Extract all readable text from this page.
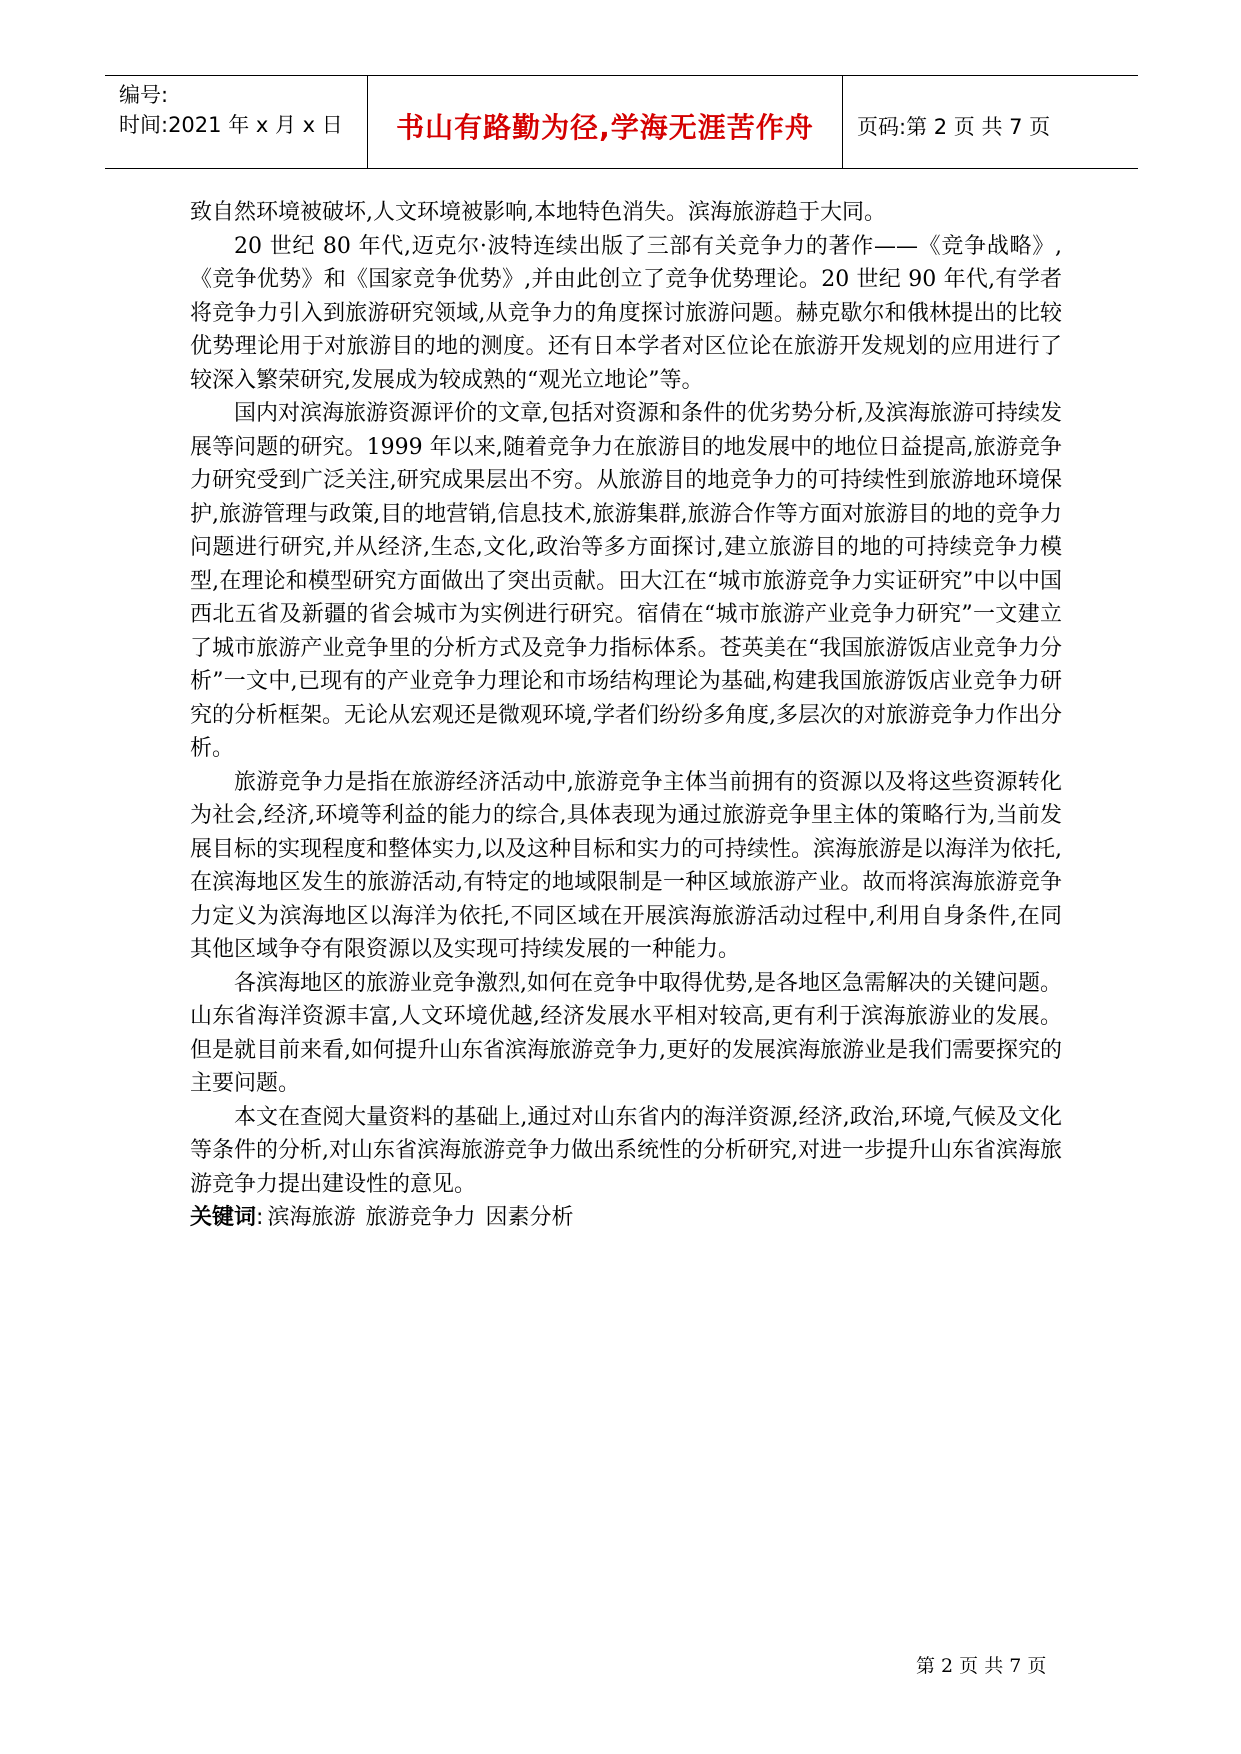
编号:
时间:2021 年 x 月 x 日	书山有路勤为径,学海无涯苦作舟 页码:第 2 页 共 7 页

致自然环境被破坏,人文环境被影响,本地特色消失。滨海旅游趋于大同。

20 世纪 80 年代,迈克尔·波特连续出版了三部有关竞争力的著作——《竞争战略》,《竞争优势》和《国家竞争优势》,并由此创立了竞争优势理论。20 世纪 90 年代,有学者将竞争力引入到旅游研究领域,从竞争力的角度探讨旅游问题。赫克歇尔和俄林提出的比较优势理论用于对旅游目的地的测度。还有日本学者对区位论在旅游开发规划的应用进行了较深入繁荣研究,发展成为较成熟的“观光立地论”等。

国内对滨海旅游资源评价的文章,包括对资源和条件的优劣势分析,及滨海旅游可持续发展等问题的研究。1999 年以来,随着竞争力在旅游目的地发展中的地位日益提高,旅游竞争力研究受到广泛关注,研究成果层出不穷。从旅游目的地竞争力的可持续性到旅游地环境保护,旅游管理与政策,目的地营销,信息技术,旅游集群,旅游合作等方面对旅游目的地的竞争力问题进行研究,并从经济,生态,文化,政治等多方面探讨,建立旅游目的地的可持续竞争力模型,在理论和模型研究方面做出了突出贡献。田大江在“城市旅游竞争力实证研究”中以中国西北五省及新疆的省会城市为实例进行研究。宿倩在“城市旅游产业竞争力研究”一文建立了城市旅游产业竞争里的分析方式及竞争力指标体系。苍英美在“我国旅游饭店业竞争力分析”一文中,已现有的产业竞争力理论和市场结构理论为基础,构建我国旅游饭店业竞争力研究的分析框架。无论从宏观还是微观环境,学者们纷纷多角度,多层次的对旅游竞争力作出分析。

旅游竞争力是指在旅游经济活动中,旅游竞争主体当前拥有的资源以及将这些资源转化为社会,经济,环境等利益的能力的综合,具体表现为通过旅游竞争里主体的策略行为,当前发展目标的实现程度和整体实力,以及这种目标和实力的可持续性。滨海旅游是以海洋为依托,在滨海地区发生的旅游活动,有特定的地域限制是一种区域旅游产业。故而将滨海旅游竞争力定义为滨海地区以海洋为依托,不同区域在开展滨海旅游活动过程中,利用自身条件,在同其他区域争夺有限资源以及实现可持续发展的一种能力。

各滨海地区的旅游业竞争激烈,如何在竞争中取得优势,是各地区急需解决的关键问题。山东省海洋资源丰富,人文环境优越,经济发展水平相对较高,更有利于滨海旅游业的发展。但是就目前来看,如何提升山东省滨海旅游竞争力,更好的发展滨海旅游业是我们需要探究的主要问题。

本文在查阅大量资料的基础上,通过对山东省内的海洋资源,经济,政治,环境,气候及文化等条件的分析,对山东省滨海旅游竞争力做出系统性的分析研究,对进一步提升山东省滨海旅游竞争力提出建设性的意见。

关键词: 滨海旅游 旅游竞争力 因素分析
第 2 页 共 7 页
